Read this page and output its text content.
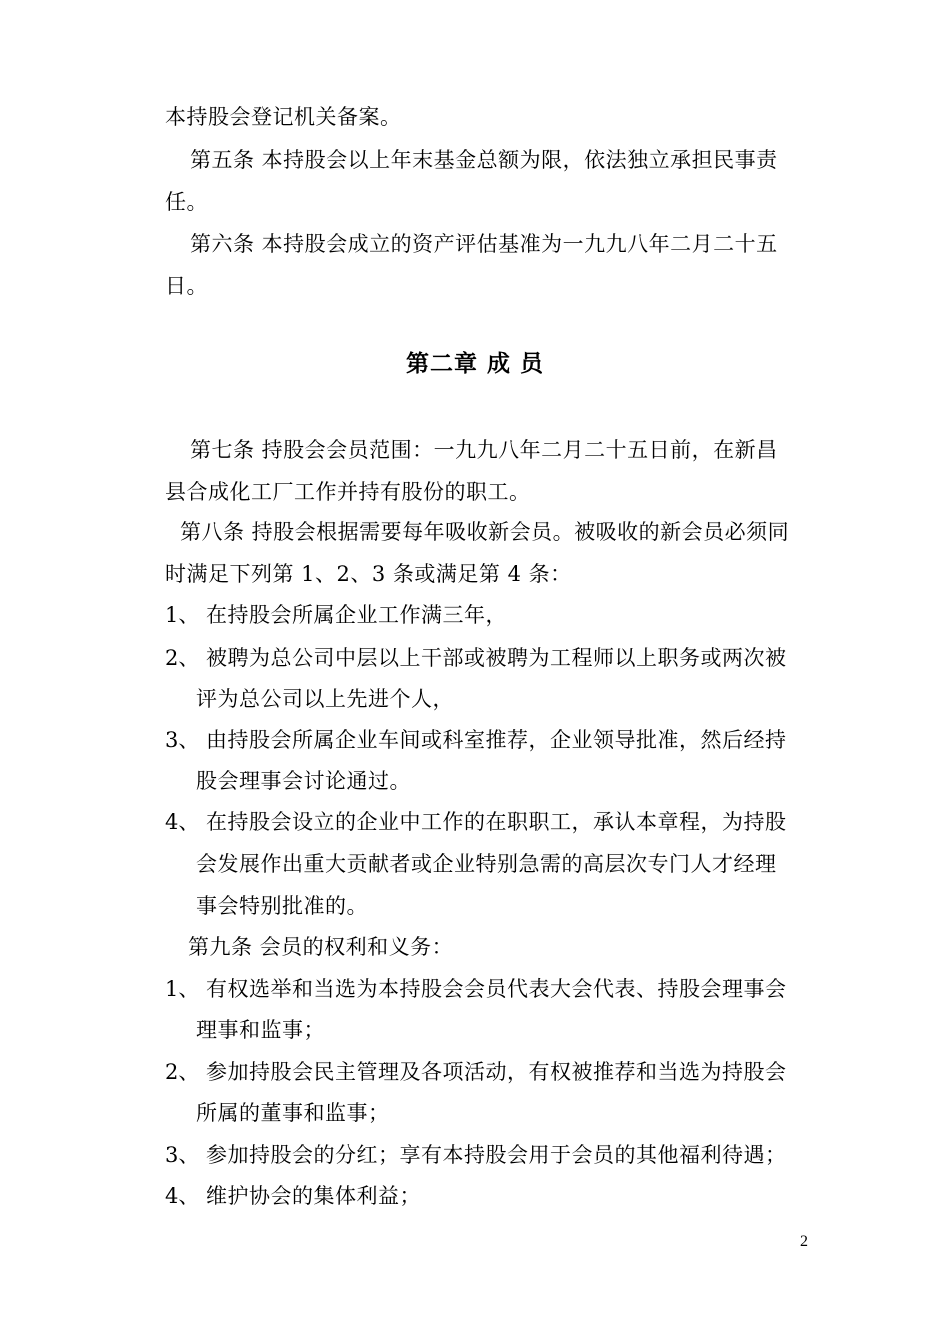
本持股会登记机关备案。
第五条 本持股会以上年末基金总额为限，依法独立承担民事责
任。
第六条 本持股会成立的资产评估基准为一九九八年二月二十五
日。
第二章 成 员
第七条 持股会会员范围：一九九八年二月二十五日前，在新昌
县合成化工厂工作并持有股份的职工。
第八条 持股会根据需要每年吸收新会员。被吸收的新会员必须同
时满足下列第 1、2、3 条或满足第 4 条：
1、 在持股会所属企业工作满三年，
2、 被聘为总公司中层以上干部或被聘为工程师以上职务或两次被
评为总公司以上先进个人，
3、 由持股会所属企业车间或科室推荐，企业领导批准，然后经持
股会理事会讨论通过。
4、 在持股会设立的企业中工作的在职职工，承认本章程，为持股
会发展作出重大贡献者或企业特别急需的高层次专门人才经理
事会特别批准的。
第九条 会员的权利和义务：
1、 有权选举和当选为本持股会会员代表大会代表、持股会理事会
理事和监事；
2、 参加持股会民主管理及各项活动，有权被推荐和当选为持股会
所属的董事和监事；
3、 参加持股会的分红；享有本持股会用于会员的其他福利待遇；
4、 维护协会的集体利益；
2
